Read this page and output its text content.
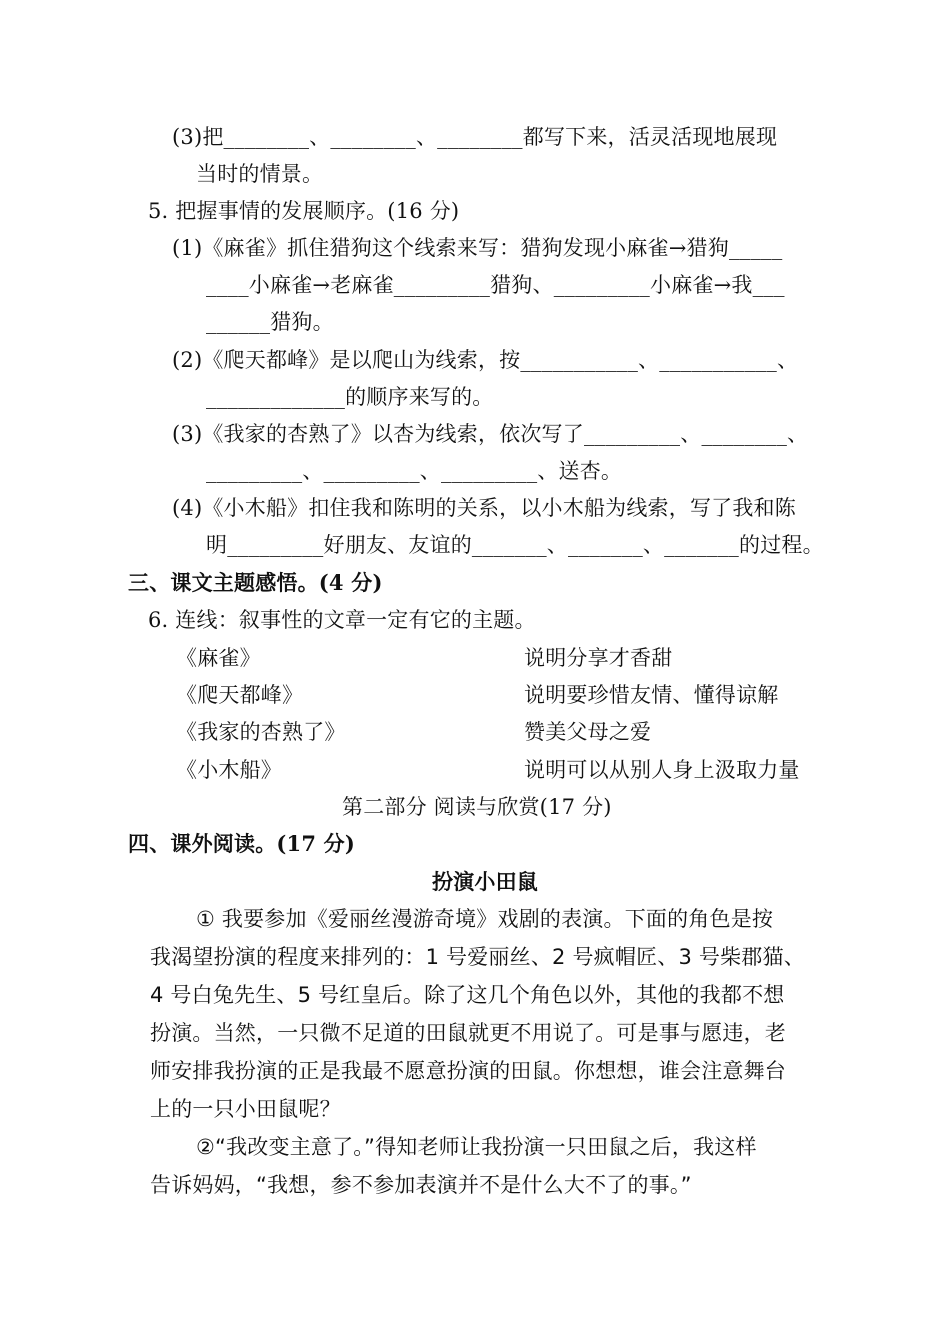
(3)把________、________、________都写下来，活灵活现地展现
当时的情景。
5. 把握事情的发展顺序。(16 分)
(1)《麻雀》抓住猎狗这个线索来写：猎狗发现小麻雀→猎狗_____
____小麻雀→老麻雀_________猎狗、_________小麻雀→我___
______猎狗。
(2)《爬天都峰》是以爬山为线索，按___________、___________、
_____________的顺序来写的。
(3)《我家的杏熟了》以杏为线索，依次写了_________、________、
_________、_________、_________、送杏。
(4)《小木船》扣住我和陈明的关系，以小木船为线索，写了我和陈
明_________好朋友、友谊的_______、_______、_______的过程。
三、课文主题感悟。(4 分)
6. 连线：叙事性的文章一定有它的主题。
《麻雀》
《爬天都峰》
《我家的杏熟了》
《小木船》
说明分享才香甜
说明要珍惜友情、懂得谅解
赞美父母之爱
说明可以从别人身上汲取力量
第二部分 阅读与欣赏(17 分)
四、课外阅读。(17 分)
扮演小田鼠
① 我要参加《爱丽丝漫游奇境》戏剧的表演。下面的角色是按
我渴望扮演的程度来排列的：1 号爱丽丝、2 号疯帽匠、3 号柴郡猫、
4 号白兔先生、5 号红皇后。除了这几个角色以外，其他的我都不想
扮演。当然，一只微不足道的田鼠就更不用说了。可是事与愿违，老
师安排我扮演的正是我最不愿意扮演的田鼠。你想想，谁会注意舞台
上的一只小田鼠呢？
②“我改变主意了。”得知老师让我扮演一只田鼠之后，我这样
告诉妈妈，“我想，参不参加表演并不是什么大不了的事。”
